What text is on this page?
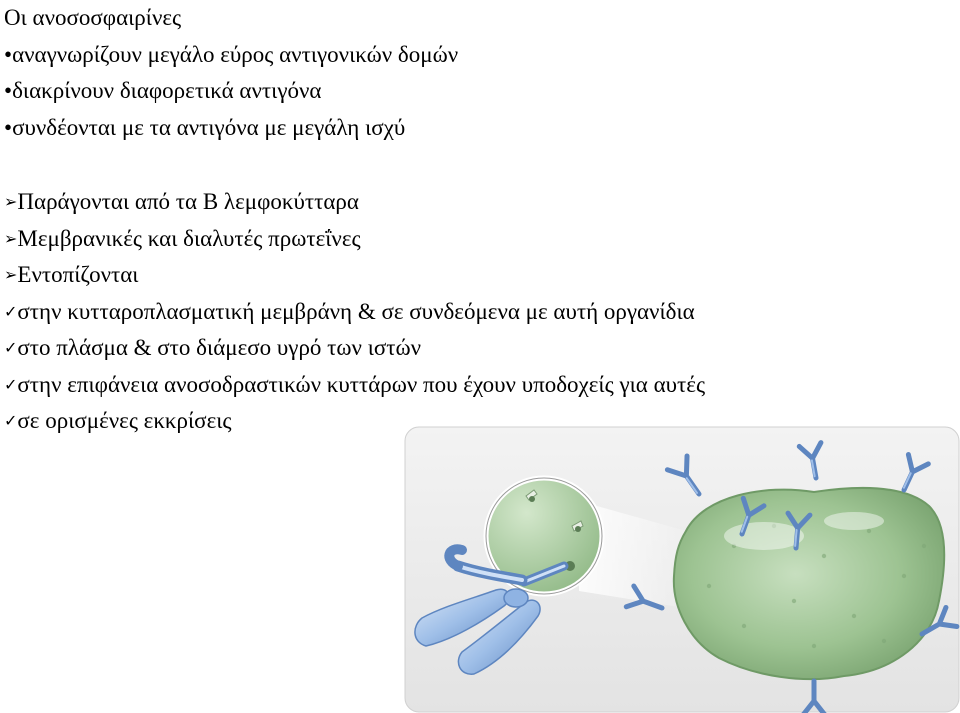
Οι ανοσοσφαιρίνες
•αναγνωρίζουν μεγάλο εύρος αντιγονικών δομών
•διακρίνουν διαφορετικά αντιγόνα
•συνδέονται με τα αντιγόνα με μεγάλη ισχύ
➢Παράγονται από τα Β λεμφοκύτταρα
➢Μεμβρανικές και διαλυτές πρωτεΐνες
➢Εντοπίζονται
✓στην κυτταροπλασματική μεμβράνη & σε συνδεόμενα με αυτή οργανίδια
✓στο πλάσμα & στο διάμεσο υγρό των ιστών
✓στην επιφάνεια ανοσοδραστικών κυττάρων που έχουν υποδοχείς για αυτές
✓σε ορισμένες εκκρίσεις
